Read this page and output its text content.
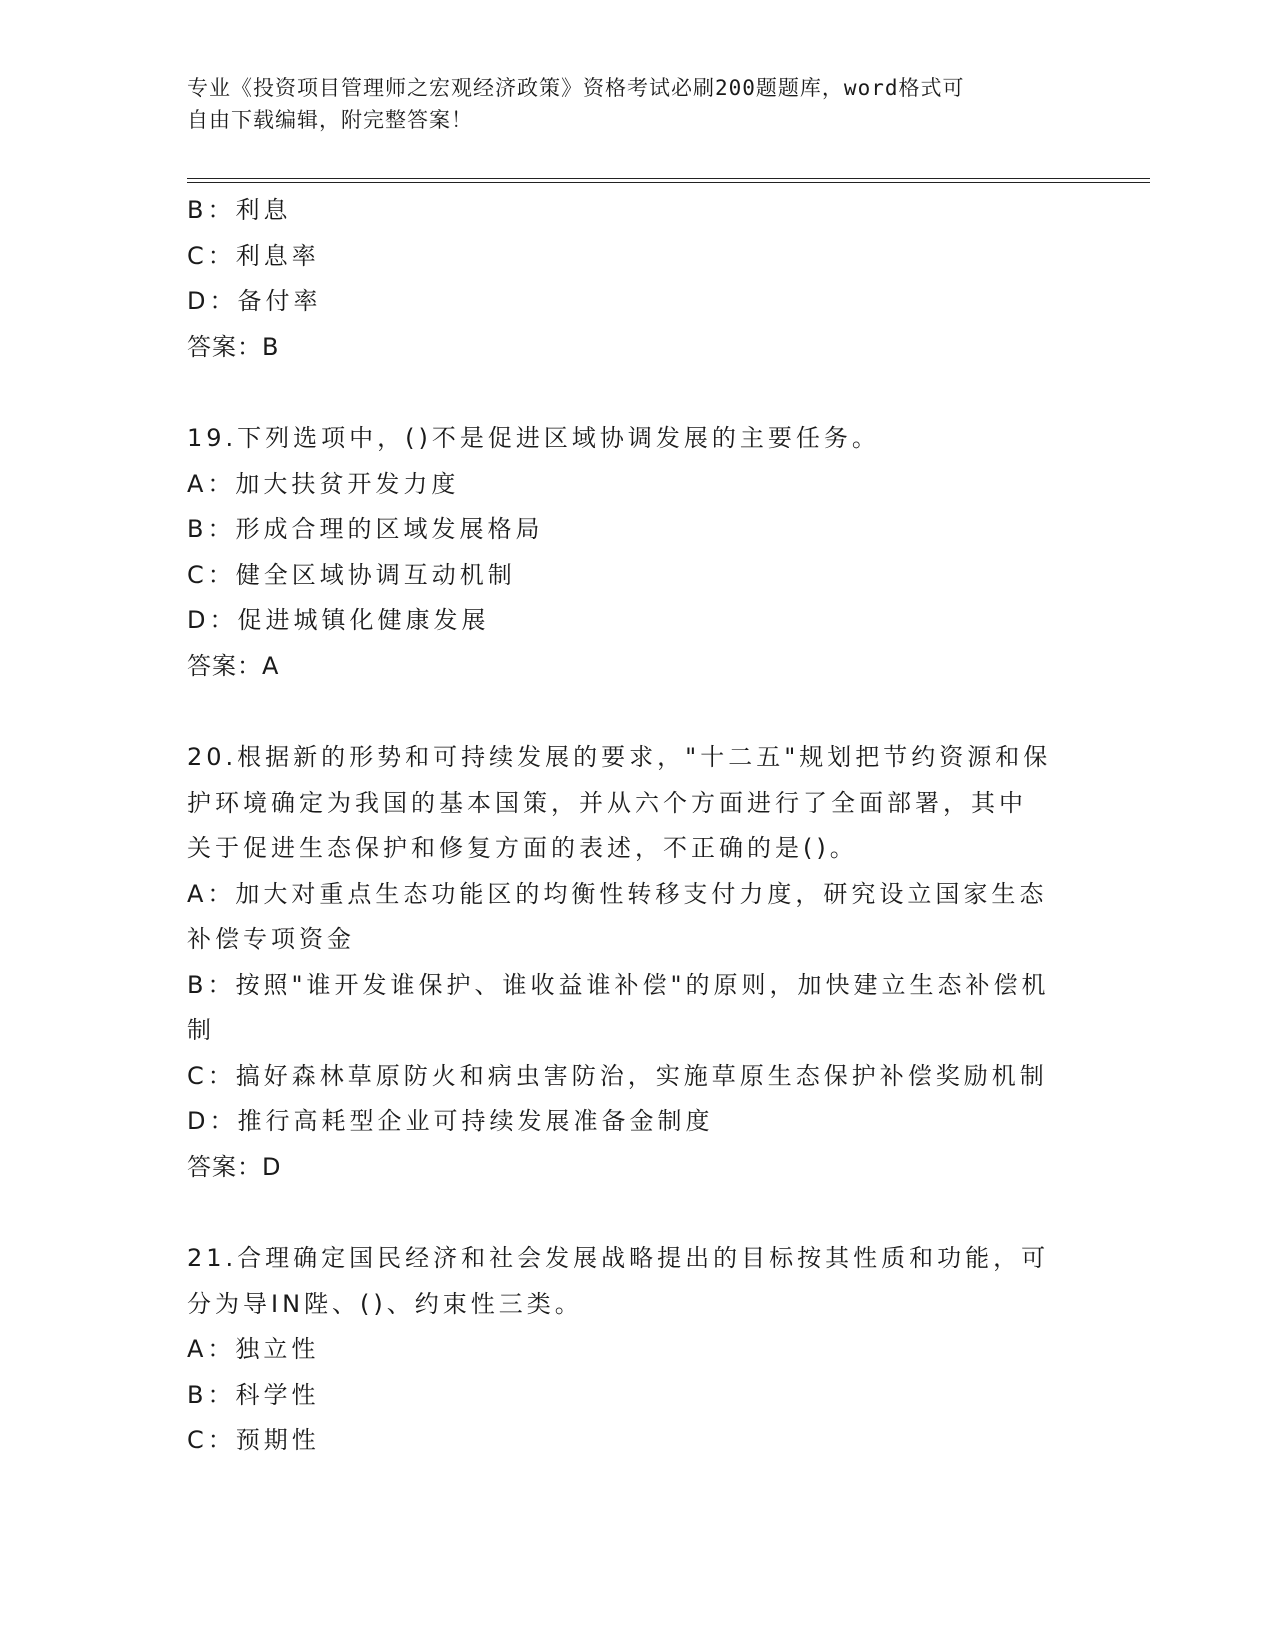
专业《投资项目管理师之宏观经济政策》资格考试必刷200题题库，word格式可
自由下载编辑，附完整答案！
B：利息
C：利息率
D：备付率
答案：B
19.下列选项中，()不是促进区域协调发展的主要任务。
A：加大扶贫开发力度
B：形成合理的区域发展格局
C：健全区域协调互动机制
D：促进城镇化健康发展
答案：A
20.根据新的形势和可持续发展的要求，"十二五"规划把节约资源和保
护环境确定为我国的基本国策，并从六个方面进行了全面部署，其中
关于促进生态保护和修复方面的表述，不正确的是()。
A：加大对重点生态功能区的均衡性转移支付力度，研究设立国家生态
补偿专项资金
B：按照"谁开发谁保护、谁收益谁补偿"的原则，加快建立生态补偿机
制
C：搞好森林草原防火和病虫害防治，实施草原生态保护补偿奖励机制
D：推行高耗型企业可持续发展准备金制度
答案：D
21.合理确定国民经济和社会发展战略提出的目标按其性质和功能，可
分为导IN陛、()、约束性三类。
A：独立性
B：科学性
C：预期性
